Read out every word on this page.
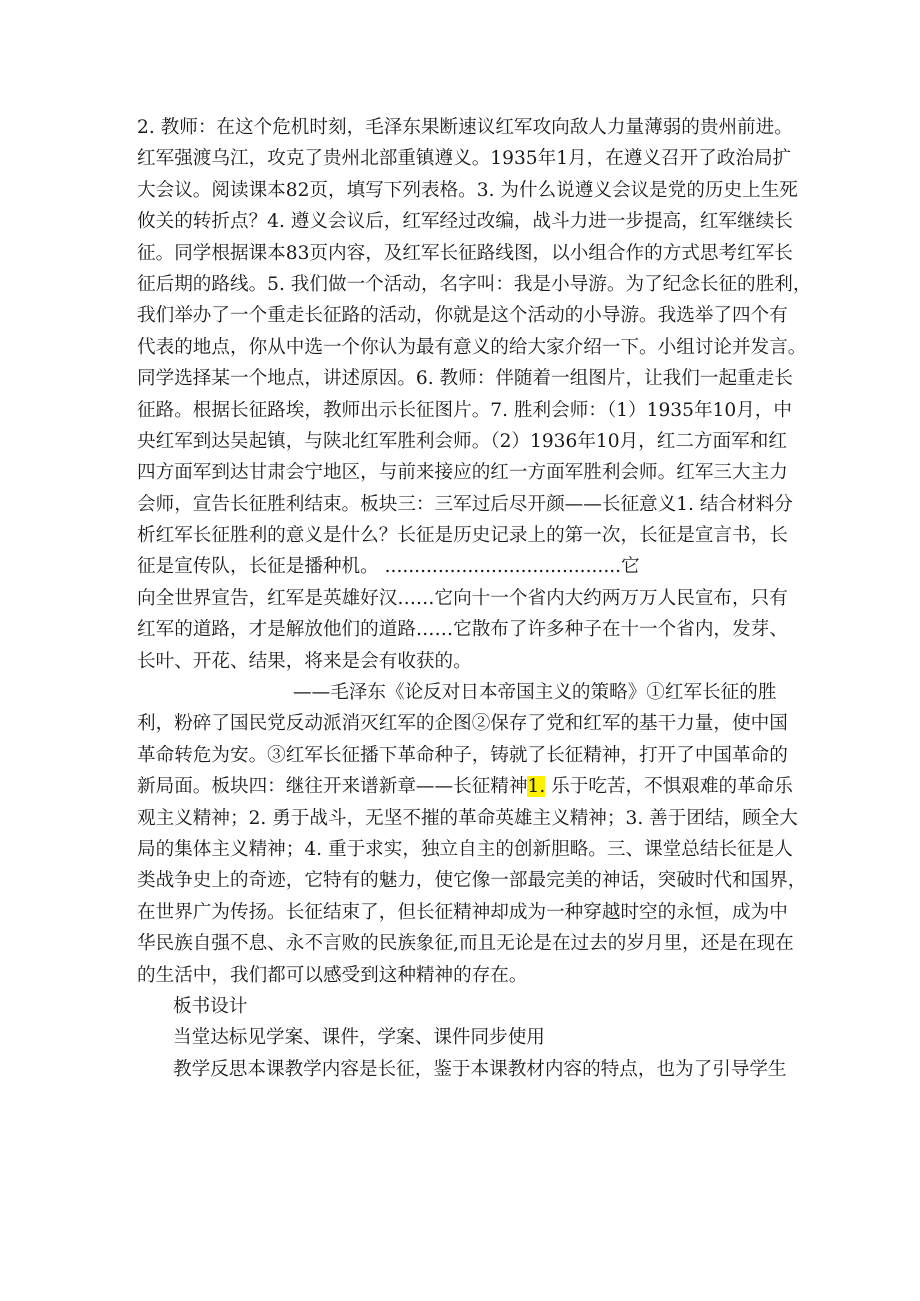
2. 教师：在这个危机时刻，毛泽东果断速议红军攻向敌人力量薄弱的贵州前进。
红军强渡乌江，攻克了贵州北部重镇遵义。1935年1月，在遵义召开了政治局扩
大会议。阅读课本82页，填写下列表格。3. 为什么说遵义会议是党的历史上生死
攸关的转折点？4. 遵义会议后，红军经过改编，战斗力进一步提高，红军继续长
征。同学根据课本83页内容，及红军长征路线图，以小组合作的方式思考红军长
征后期的路线。5. 我们做一个活动，名字叫：我是小导游。为了纪念长征的胜利，
我们举办了一个重走长征路的活动，你就是这个活动的小导游。我选举了四个有
代表的地点，你从中选一个你认为最有意义的给大家介绍一下。小组讨论并发言。
同学选择某一个地点，讲述原因。6. 教师：伴随着一组图片，让我们一起重走长
征路。根据长征路埃，教师出示长征图片。7. 胜利会师：（1）1935年10月，中
央红军到达吴起镇，与陕北红军胜利会师。（2）1936年10月，红二方面军和红
四方面军到达甘肃会宁地区，与前来接应的红一方面军胜利会师。红军三大主力
会师，宣告长征胜利结束。板块三：三军过后尽开颜——长征意义1. 结合材料分
析红军长征胜利的意义是什么？长征是历史记录上的第一次，长征是宣言书，长
征是宣传队，长征是播种机。 ........................................它
向全世界宣告，红军是英雄好汉……它向十一个省内大约两万万人民宣布，只有
红军的道路，才是解放他们的道路……它散布了许多种子在十一个省内，发芽、
长叶、开花、结果，将来是会有收获的。
——毛泽东《论反对日本帝国主义的策略》①红军长征的胜
利，粉碎了国民党反动派消灭红军的企图②保存了党和红军的基干力量，使中国
革命转危为安。③红军长征播下革命种子，铸就了长征精神，打开了中国革命的
新局面。板块四：继往开来谱新章——长征精神1. 乐于吃苦，不惧艰难的革命乐
观主义精神；2. 勇于战斗，无坚不摧的革命英雄主义精神；3. 善于团结，顾全大
局的集体主义精神；4. 重于求实，独立自主的创新胆略。三、课堂总结长征是人
类战争史上的奇迹，它特有的魅力，使它像一部最完美的神话，突破时代和国界，
在世界广为传扬。长征结束了，但长征精神却成为一种穿越时空的永恒，成为中
华民族自强不息、永不言败的民族象征,而且无论是在过去的岁月里，还是在现在
的生活中，我们都可以感受到这种精神的存在。
板书设计
当堂达标见学案、课件，学案、课件同步使用
教学反思本课教学内容是长征，鉴于本课教材内容的特点，也为了引导学生
